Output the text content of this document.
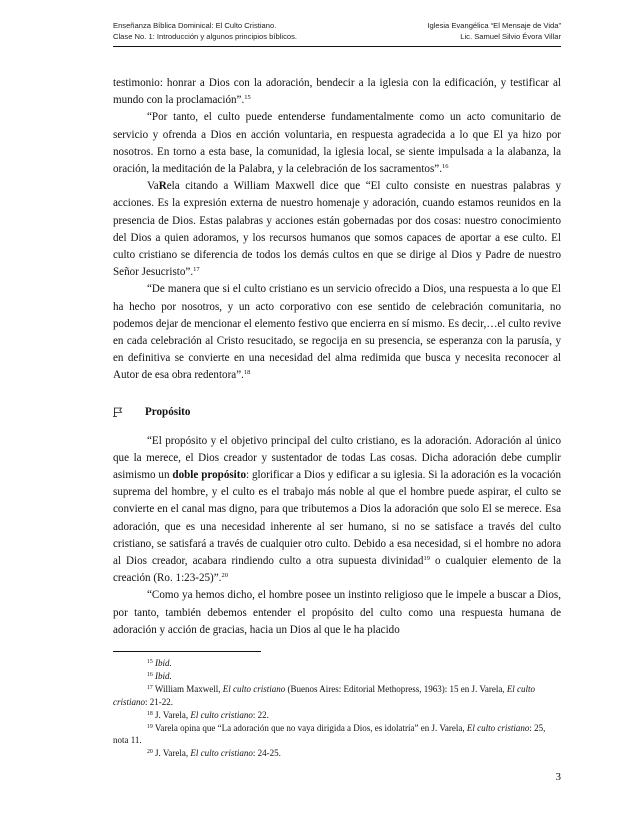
Enseñanza Bíblica Dominical: El Culto Cristiano.	Iglesia Evangélica “El Mensaje de Vida”
Clase No. 1: Introducción y algunos principios bíblicos.	Lic. Samuel Silvio Évora Villar

testimonio: honrar a Dios con la adoración, bendecir a la iglesia con la edificación, y testificar al mundo con la proclamación”.$^{15}$

“Por tanto, el culto puede entenderse fundamentalmente como un acto comunitario de servicio y ofrenda a Dios en acción voluntaria, en respuesta agradecida a lo que El ya hizo por nosotros. En torno a esta base, la comunidad, la iglesia local, se siente impulsada a la alabanza, la oración, la meditación de la Palabra, y la celebración de los sacramentos”.$^{16}$

VaRela citando a William Maxwell dice que “El culto consiste en nuestras palabras y acciones. Es la expresión externa de nuestro homenaje y adoración, cuando estamos reunidos en la presencia de Dios. Estas palabras y acciones están gobernadas por dos cosas: nuestro conocimiento del Dios a quien adoramos, y los recursos humanos que somos capaces de aportar a ese culto. El culto cristiano se diferencia de todos los demás cultos en que se dirige al Dios y Padre de nuestro Señor Jesucristo”.$^{17}$

“De manera que si el culto cristiano es un servicio ofrecido a Dios, una respuesta a lo que El ha hecho por nosotros, y un acto corporativo con ese sentido de celebración comunitaria, no podemos dejar de mencionar el elemento festivo que encierra en sí mismo. Es decir,…el culto revive en cada celebración al Cristo resucitado, se regocija en su presencia, se esperanza con la parusía, y en definitiva se convierte en una necesidad del alma redimida que busca y necesita reconocer al Autor de esa obra redentora”.$^{18}$

Propósito

“El propósito y el objetivo principal del culto cristiano, es la adoración. Adoración al único que la merece, el Dios creador y sustentador de todas Las cosas. Dicha adoración debe cumplir asimismo un doble propósito: glorificar a Dios y edificar a su iglesia. Si la adoración es la vocación suprema del hombre, y el culto es el trabajo más noble al que el hombre puede aspirar, el culto se convierte en el canal mas digno, para que tributemos a Dios la adoración que solo El se merece. Esa adoración, que es una necesidad inherente al ser humano, si no se satisface a través del culto cristiano, se satisfará a través de cualquier otro culto. Debido a esa necesidad, si el hombre no adora al Dios creador, acabara rindiendo culto a otra supuesta divinidad$^{19}$ o cualquier elemento de la creación (Ro. 1:23-25)”.$^{20}$

“Como ya hemos dicho, el hombre posee un instinto religioso que le impele a buscar a Dios, por tanto, también debemos entender el propósito del culto como una respuesta humana de adoración y acción de gracias, hacia un Dios al que le ha placido

$^{15}$ Ibid.

$^{16}$ Ibid.

$^{17}$ William Maxwell, El culto cristiano (Buenos Aires: Editorial Methopress, 1963): 15 en J. Varela, El culto cristiano: 21-22.

$^{18}$ J. Varela, El culto cristiano: 22.

$^{19}$ Varela opina que “La adoración que no vaya dirigida a Dios, es idolatría” en J. Varela, El culto cristiano: 25, nota 11.

$^{20}$ J. Varela, El culto cristiano: 24-25.

3
